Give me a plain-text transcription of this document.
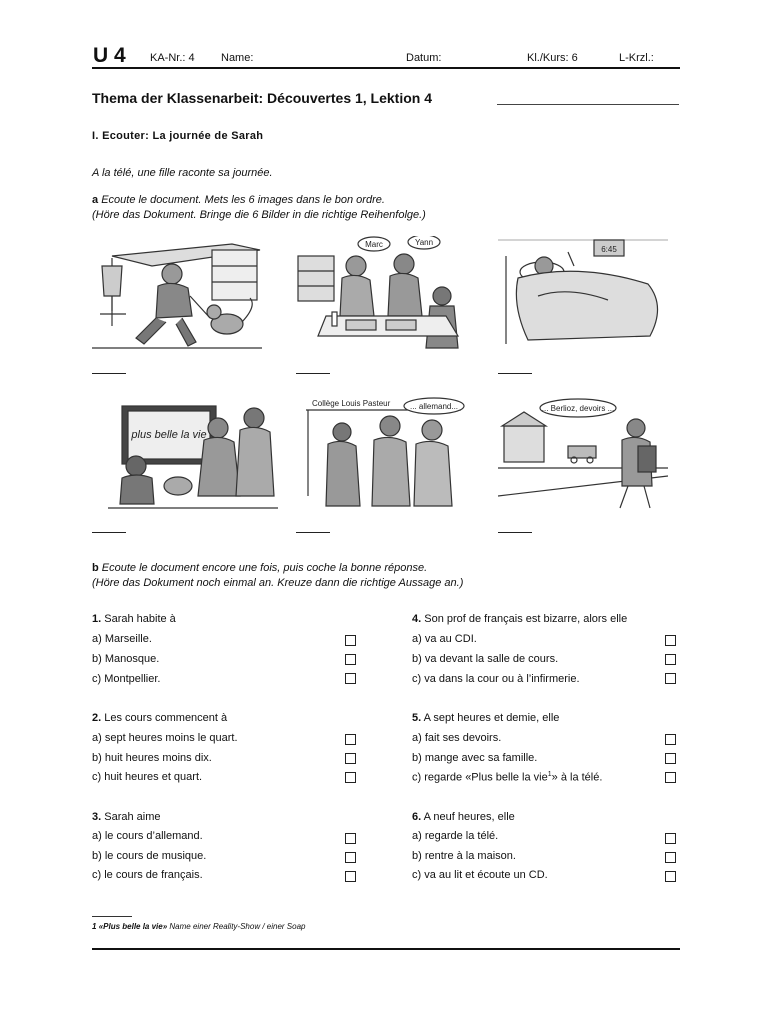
U 4 KA-Nr.: 4 Name:	Datum:	Kl./Kurs: 6	L-Krzl.:
Thema der Klassenarbeit: Découvertes 1, Lektion 4
I. Ecouter: La journée de Sarah
A la télé, une fille raconte sa journée.
a Ecoute le document. Mets les 6 images dans le bon ordre.
(Höre das Dokument. Bringe die 6 Bilder in die richtige Reihenfolge.)
Marc	Yann
6:45
plus belle la vie
Collège Louis Pasteur ... allemand...	... Berlioz, devoirs ...
b Ecoute le document encore une fois, puis coche la bonne réponse.
(Höre das Dokument noch einmal an. Kreuze dann die richtige Aussage an.)
1. Sarah habite à
a) Marseille.
b) Manosque.
c) Montpellier.
2. Les cours commencent à
a) sept heures moins le quart.
b) huit heures moins dix.
c) huit heures et quart.
3. Sarah aime
a) le cours d’allemand.
b) le cours de musique.
c) le cours de français.
4. Son prof de français est bizarre, alors elle
a) va au CDI.
b) va devant la salle de cours.
c) va dans la cour ou à l’infirmerie.
5. A sept heures et demie, elle
a) fait ses devoirs.
b) mange avec sa famille.
c) regarde «Plus belle la vie$^1$» à la télé.
6. A neuf heures, elle
a) regarde la télé.
b) rentre à la maison.
c) va au lit et écoute un CD.
1 «Plus belle la vie» Name einer Reality-Show / einer Soap
